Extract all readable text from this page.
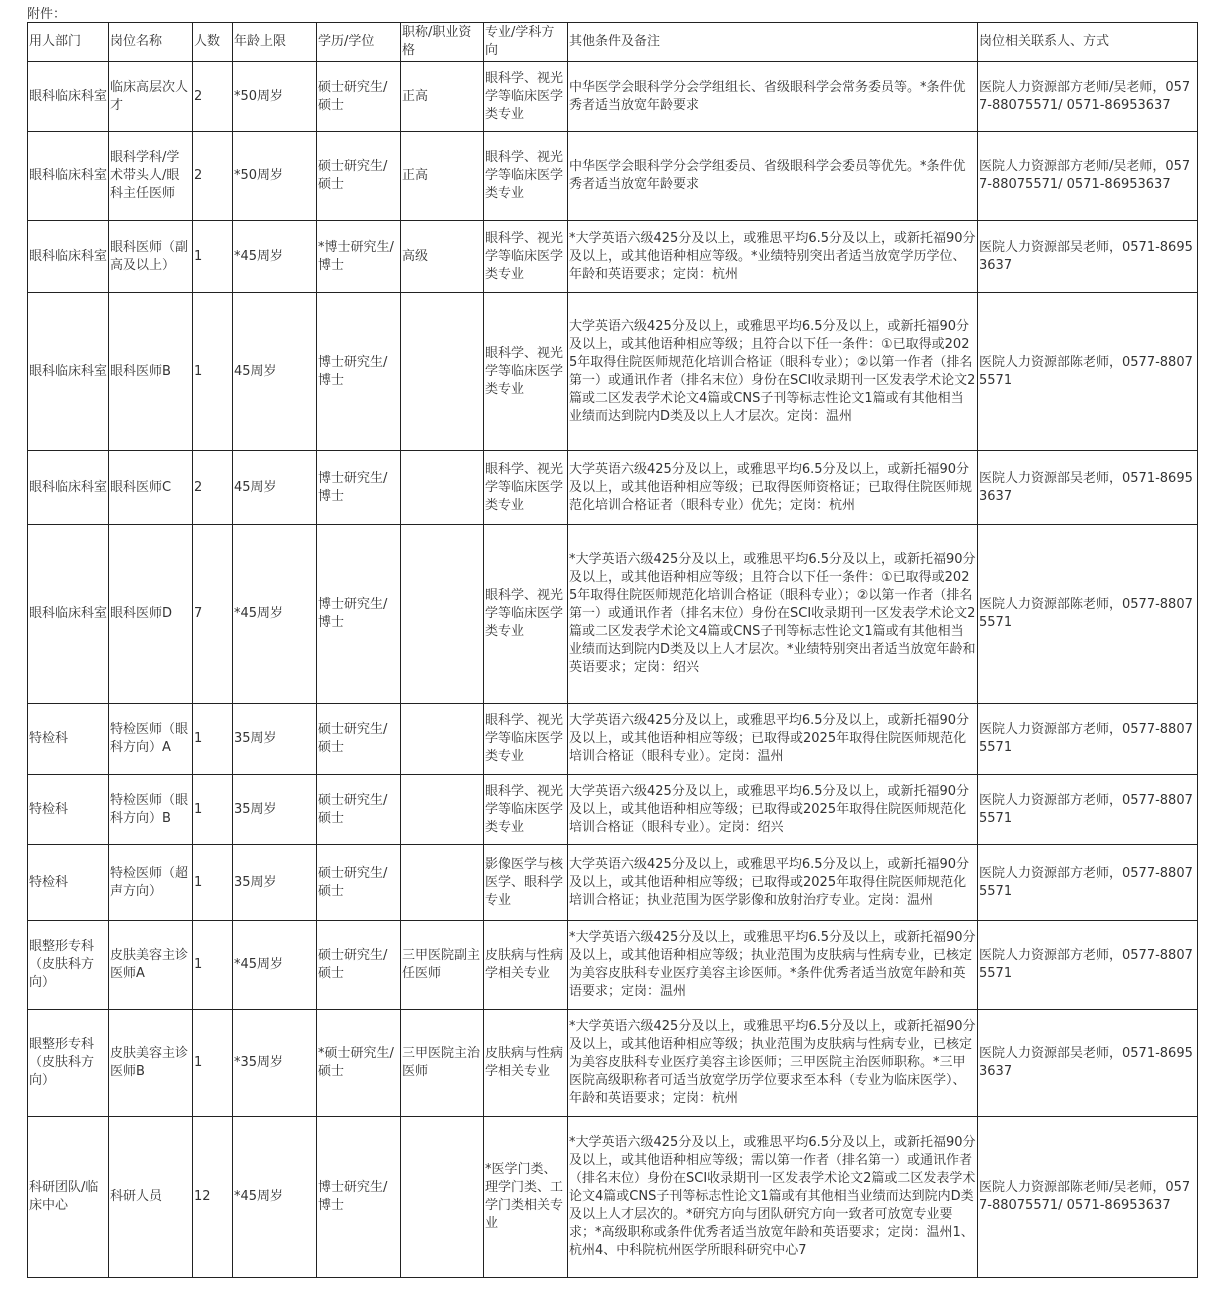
附件：
用人部门	岗位名称	人数	年龄上限	学历/学位	职称/职业资格	专业/学科方向	其他条件及备注	岗位相关联系人、方式
眼科临床科室	临床高层次人才	2	*50周岁	硕士研究生/硕士	正高	眼科学、视光学等临床医学类专业	中华医学会眼科学分会学组组长、省级眼科学会常务委员等。*条件优秀者适当放宽年龄要求	医院人力资源部方老师/吴老师，0577-88075571/ 0571-86953637
眼科临床科室	眼科学科/学术带头人/眼科主任医师	2	*50周岁	硕士研究生/硕士	正高	眼科学、视光学等临床医学类专业	中华医学会眼科学分会学组委员、省级眼科学会委员等优先。*条件优秀者适当放宽年龄要求	医院人力资源部方老师/吴老师，0577-88075571/ 0571-86953637
眼科临床科室	眼科医师（副高及以上）	1	*45周岁	*博士研究生/博士	高级	眼科学、视光学等临床医学类专业	*大学英语六级425分及以上，或雅思平均6.5分及以上，或新托福90分及以上，或其他语种相应等级。*业绩特别突出者适当放宽学历学位、年龄和英语要求；定岗：杭州	医院人力资源部吴老师，0571-86953637
眼科临床科室	眼科医师B	1	45周岁	博士研究生/博士		眼科学、视光学等临床医学类专业	大学英语六级425分及以上，或雅思平均6.5分及以上，或新托福90分及以上，或其他语种相应等级；且符合以下任一条件：①已取得或2025年取得住院医师规范化培训合格证（眼科专业）；②以第一作者（排名第一）或通讯作者（排名末位）身份在SCI收录期刊一区发表学术论文2篇或二区发表学术论文4篇或CNS子刊等标志性论文1篇或有其他相当业绩而达到院内D类及以上人才层次。定岗：温州	医院人力资源部陈老师，0577-88075571
眼科临床科室	眼科医师C	2	45周岁	博士研究生/博士		眼科学、视光学等临床医学类专业	大学英语六级425分及以上，或雅思平均6.5分及以上，或新托福90分及以上，或其他语种相应等级；已取得医师资格证；已取得住院医师规范化培训合格证者（眼科专业）优先；定岗：杭州	医院人力资源部吴老师，0571-86953637
眼科临床科室	眼科医师D	7	*45周岁	博士研究生/博士		眼科学、视光学等临床医学类专业	*大学英语六级425分及以上，或雅思平均6.5分及以上，或新托福90分及以上，或其他语种相应等级；且符合以下任一条件：①已取得或2025年取得住院医师规范化培训合格证（眼科专业）；②以第一作者（排名第一）或通讯作者（排名末位）身份在SCI收录期刊一区发表学术论文2篇或二区发表学术论文4篇或CNS子刊等标志性论文1篇或有其他相当业绩而达到院内D类及以上人才层次。*业绩特别突出者适当放宽年龄和英语要求；定岗：绍兴	医院人力资源部陈老师，0577-88075571
特检科	特检医师（眼科方向）A	1	35周岁	硕士研究生/硕士		眼科学、视光学等临床医学类专业	大学英语六级425分及以上，或雅思平均6.5分及以上，或新托福90分及以上，或其他语种相应等级；已取得或2025年取得住院医师规范化培训合格证（眼科专业）。定岗：温州	医院人力资源部方老师，0577-88075571
特检科	特检医师（眼科方向）B	1	35周岁	硕士研究生/硕士		眼科学、视光学等临床医学类专业	大学英语六级425分及以上，或雅思平均6.5分及以上，或新托福90分及以上，或其他语种相应等级；已取得或2025年取得住院医师规范化培训合格证（眼科专业）。定岗：绍兴	医院人力资源部方老师，0577-88075571
特检科	特检医师（超声方向）	1	35周岁	硕士研究生/硕士		影像医学与核医学、眼科学专业	大学英语六级425分及以上，或雅思平均6.5分及以上，或新托福90分及以上，或其他语种相应等级；已取得或2025年取得住院医师规范化培训合格证；执业范围为医学影像和放射治疗专业。定岗：温州	医院人力资源部方老师，0577-88075571
眼整形专科（皮肤科方向）	皮肤美容主诊医师A	1	*45周岁	硕士研究生/硕士	三甲医院副主任医师	皮肤病与性病学相关专业	*大学英语六级425分及以上，或雅思平均6.5分及以上，或新托福90分及以上，或其他语种相应等级；执业范围为皮肤病与性病专业，已核定为美容皮肤科专业医疗美容主诊医师。*条件优秀者适当放宽年龄和英语要求；定岗：温州	医院人力资源部方老师，0577-88075571
眼整形专科（皮肤科方向）	皮肤美容主诊医师B	1	*35周岁	*硕士研究生/硕士	三甲医院主治医师	皮肤病与性病学相关专业	*大学英语六级425分及以上，或雅思平均6.5分及以上，或新托福90分及以上，或其他语种相应等级；执业范围为皮肤病与性病专业，已核定为美容皮肤科专业医疗美容主诊医师；三甲医院主治医师职称。*三甲医院高级职称者可适当放宽学历学位要求至本科（专业为临床医学）、年龄和英语要求；定岗：杭州	医院人力资源部吴老师，0571-86953637
科研团队/临床中心	科研人员	12	*45周岁	博士研究生/博士		*医学门类、理学门类、工学门类相关专业	*大学英语六级425分及以上，或雅思平均6.5分及以上，或新托福90分及以上，或其他语种相应等级；需以第一作者（排名第一）或通讯作者（排名末位）身份在SCI收录期刊一区发表学术论文2篇或二区发表学术论文4篇或CNS子刊等标志性论文1篇或有其他相当业绩而达到院内D类及以上人才层次的。*研究方向与团队研究方向一致者可放宽专业要求；*高级职称或条件优秀者适当放宽年龄和英语要求；定岗：温州1、杭州4、中科院杭州医学所眼科研究中心7	医院人力资源部陈老师/吴老师，0577-88075571/ 0571-86953637
